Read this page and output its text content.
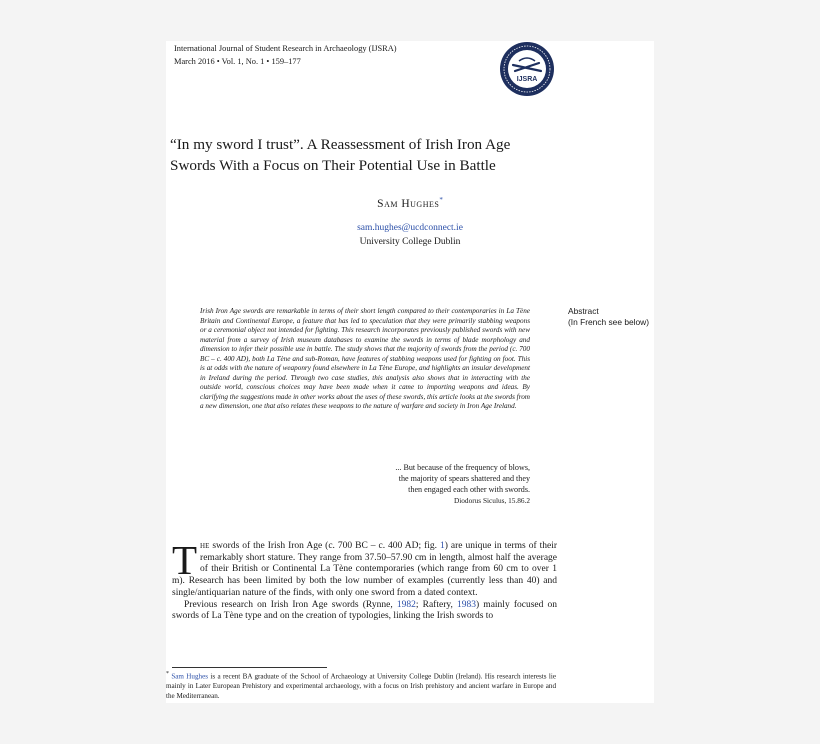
International Journal of Student Research in Archaeology (IJSRA)
March 2016 • Vol. 1, No. 1 • 159–177
IJSRA
“In my sword I trust”. A Reassessment of Irish Iron Age
Swords With a Focus on Their Potential Use in Battle
Sam Hughes*
sam.hughes@ucdconnect.ie
University College Dublin
Irish Iron Age swords are remarkable in terms of their short length compared to their contemporaries in La Tène Britain and Continental Europe, a feature that has led to speculation that they were primarily stabbing weapons or a ceremonial object not intended for fighting. This research incorporates previously published swords with new material from a survey of Irish museum databases to examine the swords in terms of blade morphology and dimension to infer their possible use in battle. The study shows that the majority of swords from the period (c. 700 BC – c. 400 AD), both La Tène and sub-Roman, have features of stabbing weapons used for fighting on foot. This is at odds with the nature of weaponry found elsewhere in La Tène Europe, and highlights an insular development in Ireland during the period. Through two case studies, this analysis also shows that in interacting with the outside world, conscious choices may have been made when it came to importing weapons and ideas. By clarifying the suggestions made in other works about the uses of these swords, this article looks at the swords from a new dimension, one that also relates these weapons to the nature of warfare and society in Iron Age Ireland.
Abstract
(In French see below)
... But because of the frequency of blows,
the majority of spears shattered and they
then engaged each other with swords.
Diodorus Siculus, 15.86.2

The swords of the Irish Iron Age (c. 700 BC – c. 400 AD; fig. 1) are unique in terms of their remarkably short stature. They range from 37.50–57.90 cm in length, almost half the average of their British or Continental La Tène contemporaries (which range from 60 cm to over 1 m). Research has been limited by both the low number of examples (currently less than 40) and single/antiquarian nature of the finds, with only one sword from a dated context.

Previous research on Irish Iron Age swords (Rynne, 1982; Raftery, 1983) mainly focused on swords of La Tène type and on the creation of typologies, linking the Irish swords to

* Sam Hughes is a recent BA graduate of the School of Archaeology at University College Dublin (Ireland). His research interests lie mainly in Later European Prehistory and experimental archaeology, with a focus on Irish prehistory and ancient warfare in Europe and the Mediterranean.
